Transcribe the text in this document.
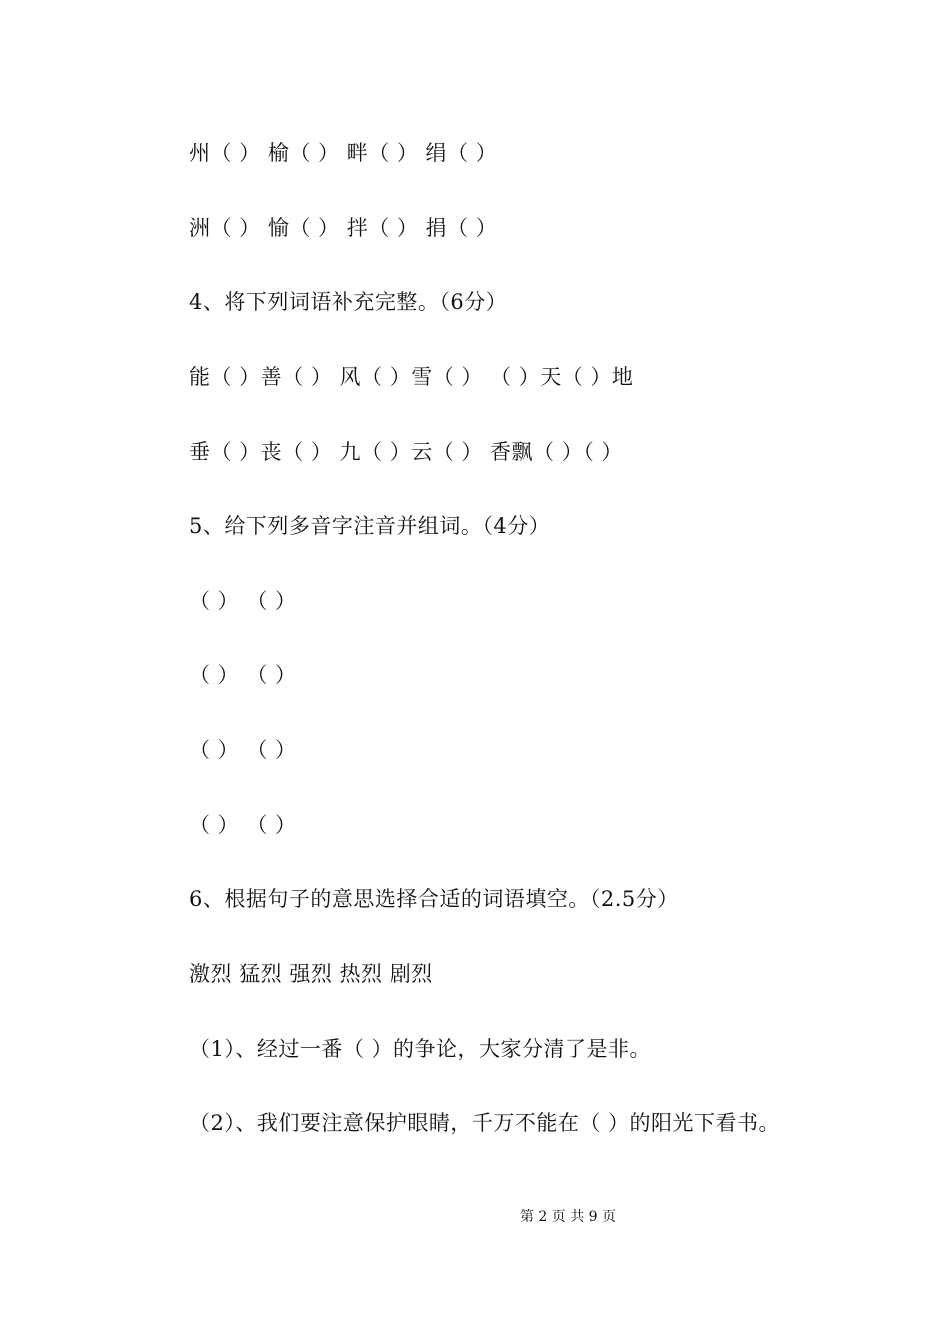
州（ ） 榆（ ） 畔（ ） 绢（ ）
洲（ ） 愉（ ） 拌（ ） 捐（ ）
4、将下列词语补充完整。（6分）
能（ ）善（ ） 风（ ）雪（ ） （ ）天（ ）地
垂（ ）丧（ ） 九（ ）云（ ） 香飘（ ）（ ）
5、给下列多音字注音并组词。（4分）
（ ） （ ）
（ ） （ ）
（ ） （ ）
（ ） （ ）
6、根据句子的意思选择合适的词语填空。（2.5分）
激烈 猛烈 强烈 热烈 剧烈
（1）、经过一番（ ）的争论，大家分清了是非。
（2）、我们要注意保护眼睛，千万不能在（ ）的阳光下看书。
第 2 页 共 9 页
